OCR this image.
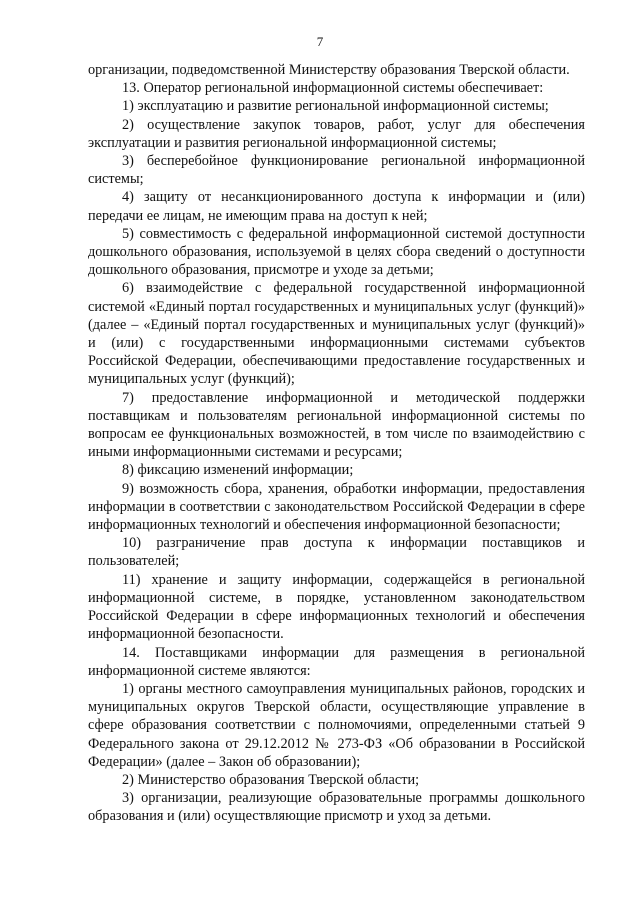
7

организации, подведомственной Министерству образования Тверской области.

13. Оператор региональной информационной системы обеспечивает:

1) эксплуатацию и развитие региональной информационной системы;

2) осуществление закупок товаров, работ, услуг для обеспечения эксплуатации и развития региональной информационной системы;

3) бесперебойное функционирование региональной информационной системы;

4) защиту от несанкционированного доступа к информации и (или) передачи ее лицам, не имеющим права на доступ к ней;

5) совместимость с федеральной информационной системой доступности дошкольного образования, используемой в целях сбора сведений о доступности дошкольного образования, присмотре и уходе за детьми;

6) взаимодействие с федеральной государственной информационной системой «Единый портал государственных и муниципальных услуг (функций)» (далее – «Единый портал государственных и муниципальных услуг (функций)» и (или) с государственными информационными системами субъектов Российской Федерации, обеспечивающими предоставление государственных и муниципальных услуг (функций);

7) предоставление информационной и методической поддержки поставщикам и пользователям региональной информационной системы по вопросам ее функциональных возможностей, в том числе по взаимодействию с иными информационными системами и ресурсами;

8) фиксацию изменений информации;

9) возможность сбора, хранения, обработки информации, предоставления информации в соответствии с законодательством Российской Федерации в сфере информационных технологий и обеспечения информационной безопасности;

10) разграничение прав доступа к информации поставщиков и пользователей;

11) хранение и защиту информации, содержащейся в региональной информационной системе, в порядке, установленном законодательством Российской Федерации в сфере информационных технологий и обеспечения информационной безопасности.

14. Поставщиками информации для размещения в региональной информационной системе являются:

1) органы местного самоуправления муниципальных районов, городских и муниципальных округов Тверской области, осуществляющие управление в сфере образования соответствии с полномочиями, определенными статьей 9 Федерального закона от 29.12.2012 № 273-ФЗ «Об образовании в Российской Федерации» (далее – Закон об образовании);

2) Министерство образования Тверской области;

3) организации, реализующие образовательные программы дошкольного образования и (или) осуществляющие присмотр и уход за детьми.
